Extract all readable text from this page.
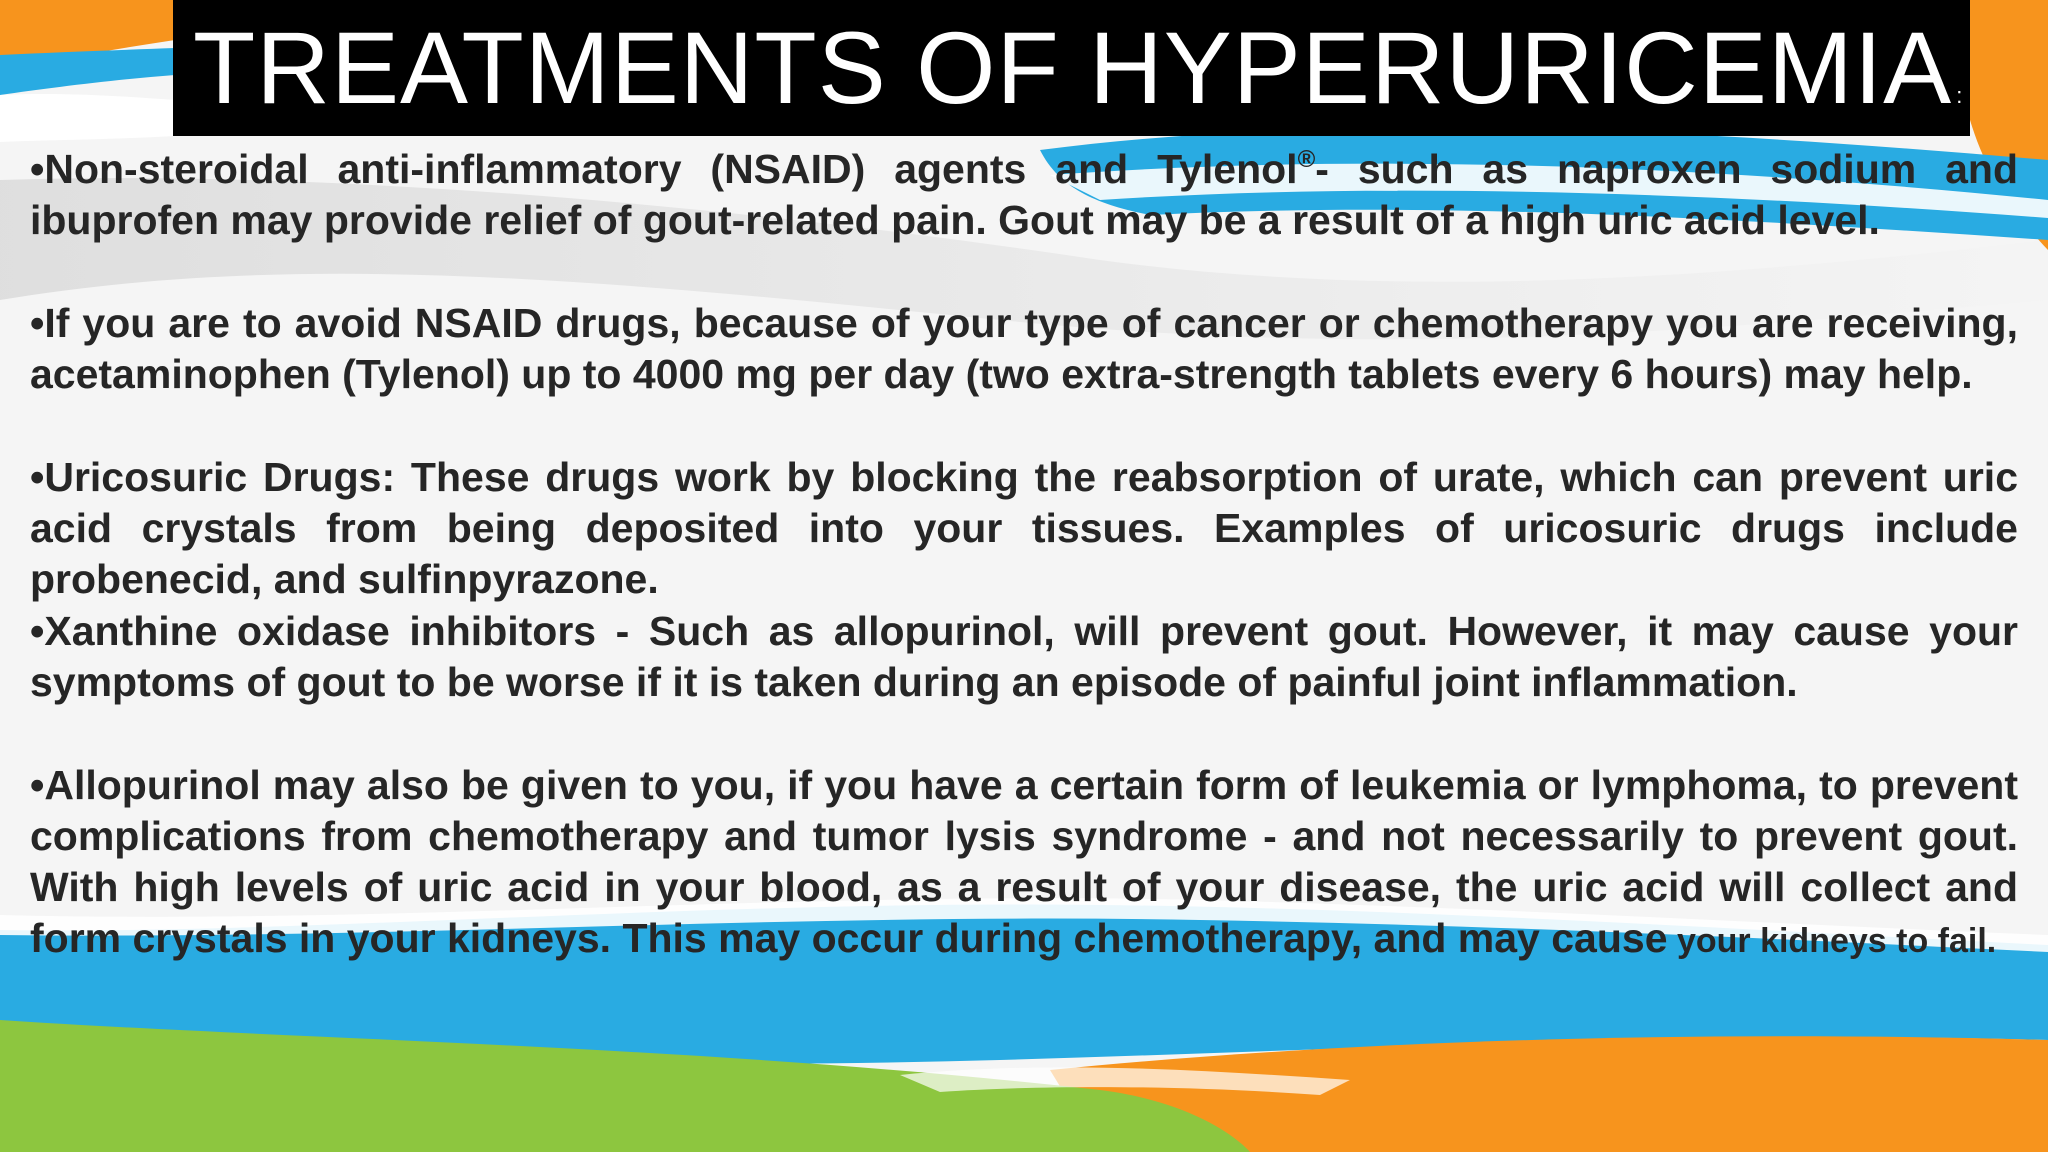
TREATMENTS OF HYPERURICEMIA :

•Non-steroidal anti-inflammatory (NSAID) agents and Tylenol®- such as naproxen sodium and ibuprofen may provide relief of gout-related pain. Gout may be a result of a high uric acid level.

•If you are to avoid NSAID drugs, because of your type of cancer or chemotherapy you are receiving, acetaminophen (Tylenol) up to 4000 mg per day (two extra-strength tablets every 6 hours) may help.

•Uricosuric Drugs: These drugs work by blocking the reabsorption of urate, which can prevent uric acid crystals from being deposited into your tissues. Examples of uricosuric drugs include probenecid, and sulfinpyrazone.

•Xanthine oxidase inhibitors - Such as allopurinol, will prevent gout. However, it may cause your symptoms of gout to be worse if it is taken during an episode of painful joint inflammation.

•Allopurinol may also be given to you, if you have a certain form of leukemia or lymphoma, to prevent complications from chemotherapy and tumor lysis syndrome - and not necessarily to prevent gout. With high levels of uric acid in your blood, as a result of your disease, the uric acid will collect and form crystals in your kidneys. This may occur during chemotherapy, and may cause your kidneys to fail.
